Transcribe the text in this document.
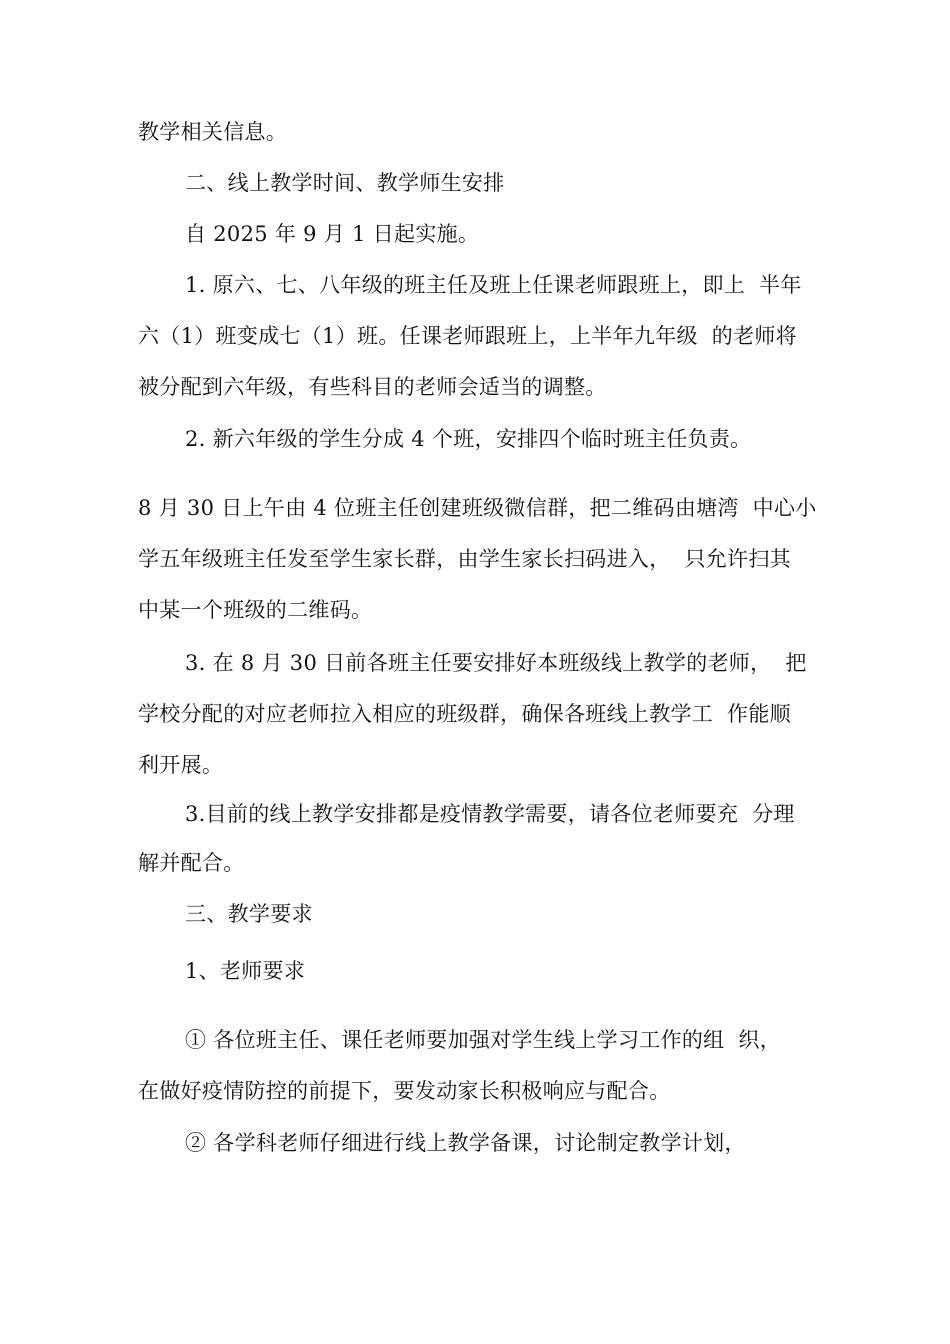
教学相关信息。
二、线上教学时间、教学师生安排
自 2025 年 9 月 1 日起实施。
1. 原六、七、八年级的班主任及班上任课老师跟班上，即上  半年
六（1）班变成七（1）班。任课老师跟班上，上半年九年级  的老师将
被分配到六年级，有些科目的老师会适当的调整。
2. 新六年级的学生分成 4 个班，安排四个临时班主任负责。
8 月 30 日上午由 4 位班主任创建班级微信群，把二维码由塘湾  中心小
学五年级班主任发至学生家长群，由学生家长扫码进入，  只允许扫其
中某一个班级的二维码。
3. 在 8 月 30 日前各班主任要安排好本班级线上教学的老师，  把
学校分配的对应老师拉入相应的班级群，确保各班线上教学工  作能顺
利开展。
3.目前的线上教学安排都是疫情教学需要，请各位老师要充  分理
解并配合。
三、教学要求
1、老师要求
① 各位班主任、课任老师要加强对学生线上学习工作的组  织，
在做好疫情防控的前提下，要发动家长积极响应与配合。
② 各学科老师仔细进行线上教学备课，讨论制定教学计划，
